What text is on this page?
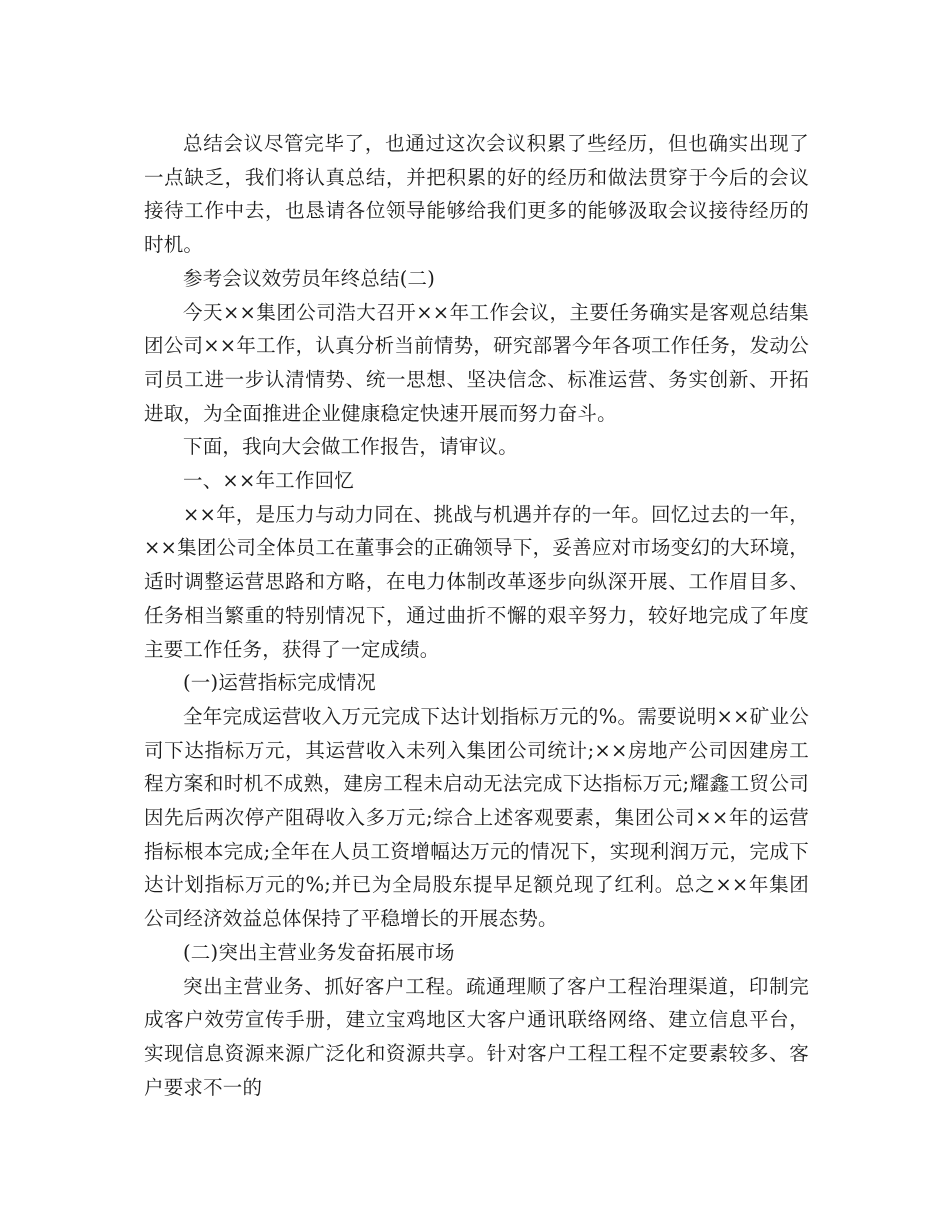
总结会议尽管完毕了，也通过这次会议积累了些经历，但也确实出现了一点缺乏，我们将认真总结，并把积累的好的经历和做法贯穿于今后的会议接待工作中去，也恳请各位领导能够给我们更多的能够汲取会议接待经历的时机。

参考会议效劳员年终总结(二)

今天××集团公司浩大召开××年工作会议，主要任务确实是客观总结集团公司××年工作，认真分析当前情势，研究部署今年各项工作任务，发动公司员工进一步认清情势、统一思想、坚决信念、标准运营、务实创新、开拓进取，为全面推进企业健康稳定快速开展而努力奋斗。

下面，我向大会做工作报告，请审议。

一、××年工作回忆

××年，是压力与动力同在、挑战与机遇并存的一年。回忆过去的一年，××集团公司全体员工在董事会的正确领导下，妥善应对市场变幻的大环境，适时调整运营思路和方略，在电力体制改革逐步向纵深开展、工作眉目多、任务相当繁重的特别情况下，通过曲折不懈的艰辛努力，较好地完成了年度主要工作任务，获得了一定成绩。

(一)运营指标完成情况

全年完成运营收入万元完成下达计划指标万元的%。需要说明××矿业公司下达指标万元，其运营收入未列入集团公司统计;××房地产公司因建房工程方案和时机不成熟，建房工程未启动无法完成下达指标万元;耀鑫工贸公司因先后两次停产阻碍收入多万元;综合上述客观要素，集团公司××年的运营指标根本完成;全年在人员工资增幅达万元的情况下，实现利润万元，完成下达计划指标万元的%;并已为全局股东提早足额兑现了红利。总之××年集团公司经济效益总体保持了平稳增长的开展态势。

(二)突出主营业务发奋拓展市场

突出主营业务、抓好客户工程。疏通理顺了客户工程治理渠道，印制完成客户效劳宣传手册，建立宝鸡地区大客户通讯联络网络、建立信息平台，实现信息资源来源广泛化和资源共享。针对客户工程工程不定要素较多、客户要求不一的
